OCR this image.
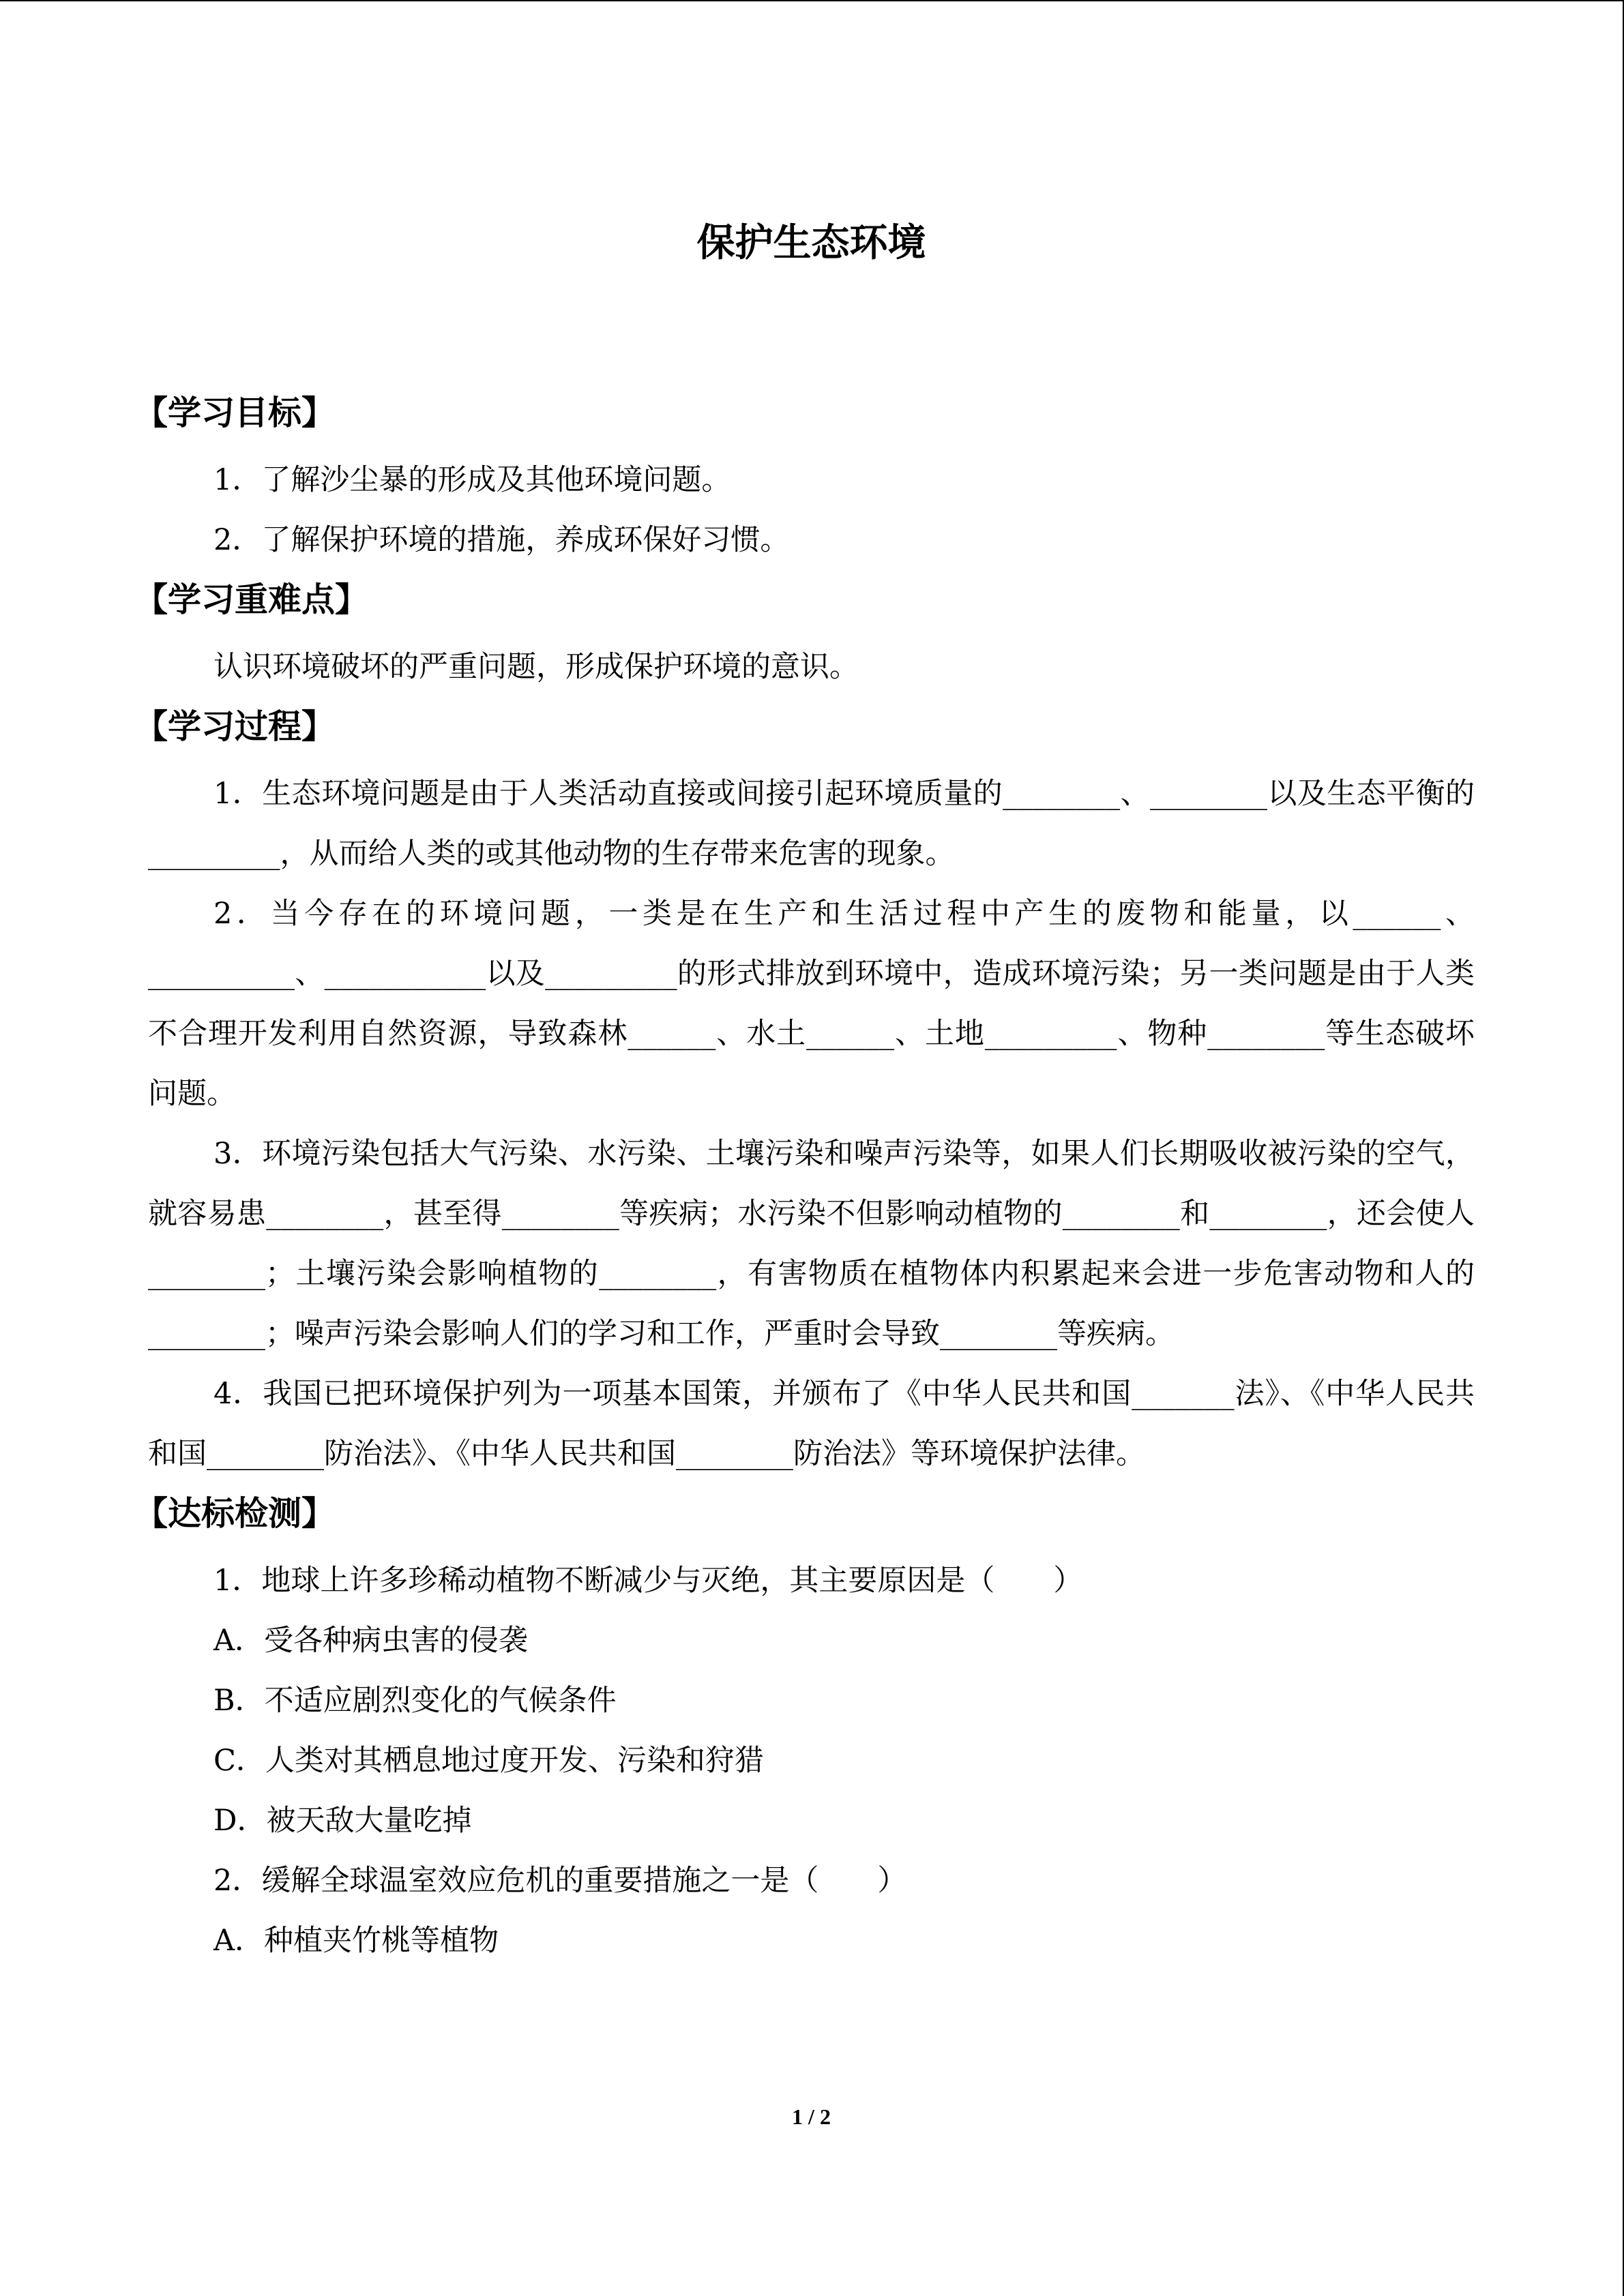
保护生态环境
【学习目标】

1．了解沙尘暴的形成及其他环境问题。

2．了解保护环境的措施，养成环保好习惯。

【学习重难点】

认识环境破坏的严重问题，形成保护环境的意识。

【学习过程】

1．生态环境问题是由于人类活动直接或间接引起环境质量的________、________以及生态平衡的_________，从而给人类的或其他动物的生存带来危害的现象。

2．当今存在的环境问题，一类是在生产和生活过程中产生的废物和能量，以______、__________、___________以及_________的形式排放到环境中，造成环境污染；另一类问题是由于人类不合理开发利用自然资源，导致森林______、水土______、土地_________、物种________等生态破坏问题。

3．环境污染包括大气污染、水污染、土壤污染和噪声污染等，如果人们长期吸收被污染的空气，就容易患________，甚至得________等疾病；水污染不但影响动植物的________和________，还会使人________；土壤污染会影响植物的________，有害物质在植物体内积累起来会进一步危害动物和人的________；噪声污染会影响人们的学习和工作，严重时会导致________等疾病。

4．我国已把环境保护列为一项基本国策，并颁布了《中华人民共和国_______法》、《中华人民共和国________防治法》、《中华人民共和国________防治法》等环境保护法律。

【达标检测】

1．地球上许多珍稀动植物不断减少与灭绝，其主要原因是（　　）

A．受各种病虫害的侵袭

B．不适应剧烈变化的气候条件

C．人类对其栖息地过度开发、污染和狩猎

D．被天敌大量吃掉

2．缓解全球温室效应危机的重要措施之一是（　　）

A．种植夹竹桃等植物

1 / 2
